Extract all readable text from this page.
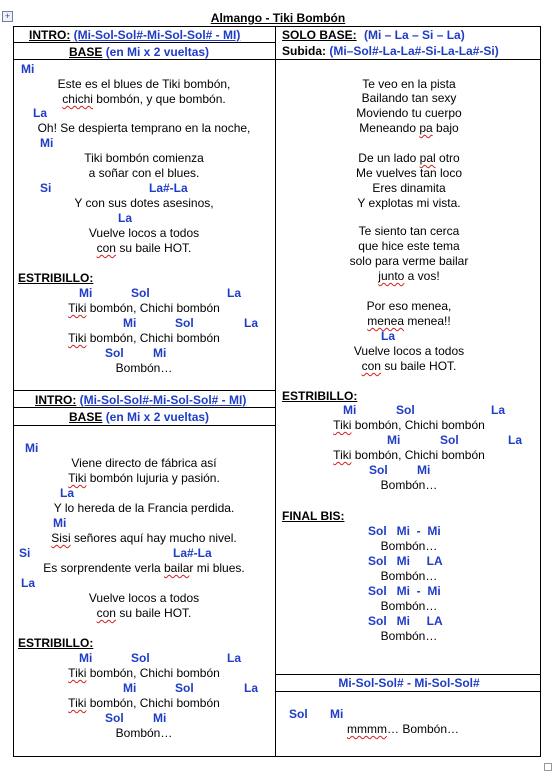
+	Almango - Tiki Bombón
INTRO: (Mi-Sol-Sol#-Mi-Sol-Sol# - MI)
BASE (en Mi x 2 vueltas)
Mi
Este es el blues de Tiki bombón,
chichi bombón, y que bombón.
La
Oh! Se despierta temprano en la noche,
Mi
Tiki bombón comienza
a soñar con el blues.
Si	La#-La
Y con sus dotes asesinos,
La
Vuelve locos a todos
con su baile HOT.
ESTRIBILLO:
Mi	Sol	La
Tiki bombón, Chichi bombón
Mi	Sol	La
Tiki bombón, Chichi bombón
Sol Mi
Bombón…
INTRO: (Mi-Sol-Sol#-Mi-Sol-Sol# - MI)
BASE (en Mi x 2 vueltas)
Mi
Viene directo de fábrica así
Tiki bombón lujuria y pasión.
La
Y lo hereda de la Francia perdida.
Mi
Sisi señores aquí hay mucho nivel.
Si	La#-La
Es sorprendente verla bailar mi blues.
La
Vuelve locos a todos
con su baile HOT.
ESTRIBILLO:
Mi	Sol	La
Tiki bombón, Chichi bombón
Mi	Sol	La
Tiki bombón, Chichi bombón
Sol Mi
Bombón…
SOLO BASE: (Mi – La – Si – La)
Subida: (Mi–Sol#-La-La#-Si-La-La#-Si)
Te veo en la pista
Bailando tan sexy
Moviendo tu cuerpo
Meneando pa bajo
De un lado pal otro
Me vuelves tan loco
Eres dinamita
Y explotas mi vista.
Te siento tan cerca
que hice este tema
solo para verme bailar
junto a vos!
Por eso menea,
menea menea!!
La
Vuelve locos a todos
con su baile HOT.
ESTRIBILLO:
Mi	Sol	La
Tiki bombón, Chichi bombón
Mi	Sol	La
Tiki bombón, Chichi bombón
Sol Mi
Bombón…
FINAL BIS:
Sol   Mi  -  Mi
Bombón…
Sol   Mi     LA
Bombón…
Sol   Mi  -  Mi
Bombón…
Sol   Mi     LA
Bombón…
Mi-Sol-Sol# - Mi-Sol-Sol#
Sol Mi
mmmm… Bombón…
